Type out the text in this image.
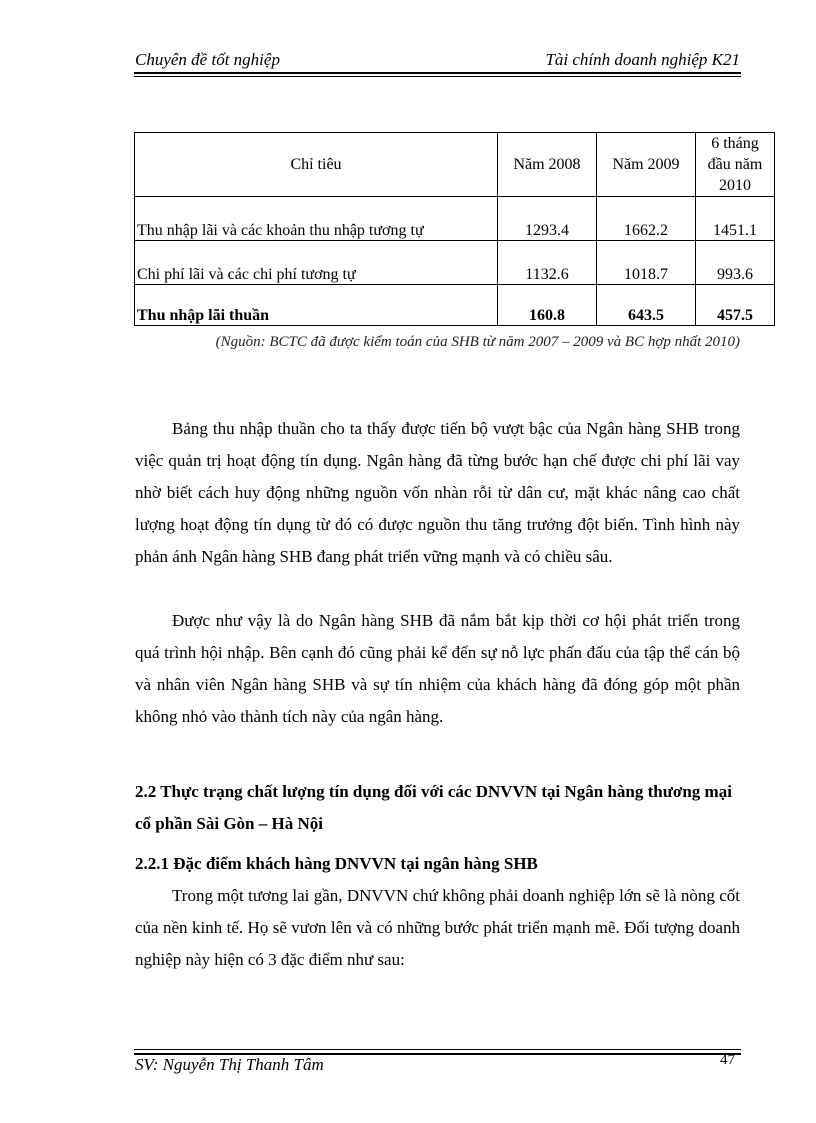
Chuyên đề tốt nghiệp	Tài chính doanh nghiệp K21
Chỉ tiêu	Năm 2008	Năm 2009	6 tháng đầu năm 2010
Thu nhập lãi và các khoản thu nhập tương tự	1293.4	1662.2	1451.1
Chi phí lãi và các chi phí tương tự	1132.6	1018.7	993.6
Thu nhập lãi thuần	160.8	643.5	457.5
(Nguồn: BCTC đã được kiểm toán của SHB từ năm 2007 – 2009 và BC hợp nhất 2010)
Bảng thu nhập thuần cho ta thấy được tiến bộ vượt bậc của Ngân hàng SHB trong việc quản trị hoạt động tín dụng. Ngân hàng đã từng bước hạn chế được chi phí lãi vay nhờ biết cách huy động những nguồn vốn nhàn rỗi từ dân cư, mặt khác nâng cao chất lượng hoạt động tín dụng từ đó có được nguồn thu tăng trưởng đột biến. Tình hình này phản ánh Ngân hàng SHB đang phát triển vững mạnh và có chiều sâu.
Được như vậy là do Ngân hàng SHB đã nắm bắt kịp thời cơ hội phát triển trong quá trình hội nhập. Bên cạnh đó cũng phải kể đến sự nỗ lực phấn đấu của tập thể cán bộ và nhân viên Ngân hàng SHB và sự tín nhiệm của khách hàng đã đóng góp một phần không nhỏ vào thành tích này của ngân hàng.
2.2 Thực trạng chất lượng tín dụng đối với các DNVVN tại Ngân hàng thương mại cổ phần Sài Gòn – Hà Nội
2.2.1 Đặc điểm khách hàng DNVVN tại ngân hàng SHB
Trong một tương lai gần, DNVVN chứ không phải doanh nghiệp lớn sẽ là nòng cốt của nền kinh tế. Họ sẽ vươn lên và có những bước phát triển mạnh mẽ. Đối tượng doanh nghiệp này hiện có 3 đặc điểm như sau:
SV: Nguyễn Thị Thanh Tâm	47
